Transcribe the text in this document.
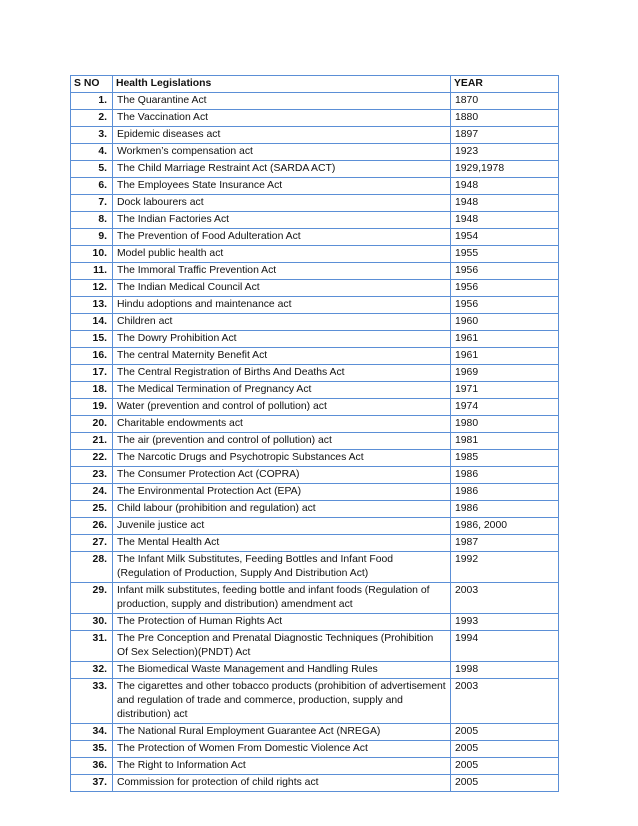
S NO	Health Legislations	YEAR
1.	The Quarantine Act	1870
2.	The Vaccination Act	1880
3.	Epidemic diseases act	1897
4.	Workmen’s compensation act	1923
5.	The Child Marriage Restraint Act (SARDA ACT)	1929,1978
6.	The Employees State Insurance Act	1948
7.	Dock labourers act	1948
8.	The Indian Factories Act	1948
9.	The Prevention of Food Adulteration Act	1954
10.	Model public health act	1955
11.	The Immoral Traffic Prevention Act	1956
12.	The Indian Medical Council Act	1956
13.	Hindu adoptions and maintenance act	1956
14.	Children act	1960
15.	The Dowry Prohibition Act	1961
16.	The central Maternity Benefit Act	1961
17.	The Central Registration of Births And Deaths Act	1969
18.	The Medical Termination of Pregnancy Act	1971
19.	Water (prevention and control of pollution) act	1974
20.	Charitable endowments act	1980
21.	The air (prevention and control of pollution) act	1981
22.	The Narcotic Drugs and Psychotropic Substances Act	1985
23.	The Consumer Protection Act (COPRA)	1986
24.	The Environmental Protection Act (EPA)	1986
25.	Child labour (prohibition and regulation) act	1986
26.	Juvenile justice act	1986, 2000
27.	The Mental Health Act	1987
28.	The Infant Milk Substitutes, Feeding Bottles and Infant Food (Regulation of Production, Supply And Distribution Act)	1992
29.	Infant milk substitutes, feeding bottle and infant foods (Regulation of production, supply and distribution) amendment act	2003
30.	The Protection of Human Rights Act	1993
31.	The Pre Conception and Prenatal Diagnostic Techniques (Prohibition Of Sex Selection)(PNDT) Act	1994
32.	The Biomedical Waste Management and Handling Rules	1998
33.	The cigarettes and other tobacco products (prohibition of advertisement and regulation of trade and commerce, production, supply and distribution) act	2003
34.	The National Rural Employment Guarantee Act (NREGA)	2005
35.	The Protection of Women From Domestic Violence Act	2005
36.	The Right to Information Act	2005
37.	Commission for protection of child rights act	2005
